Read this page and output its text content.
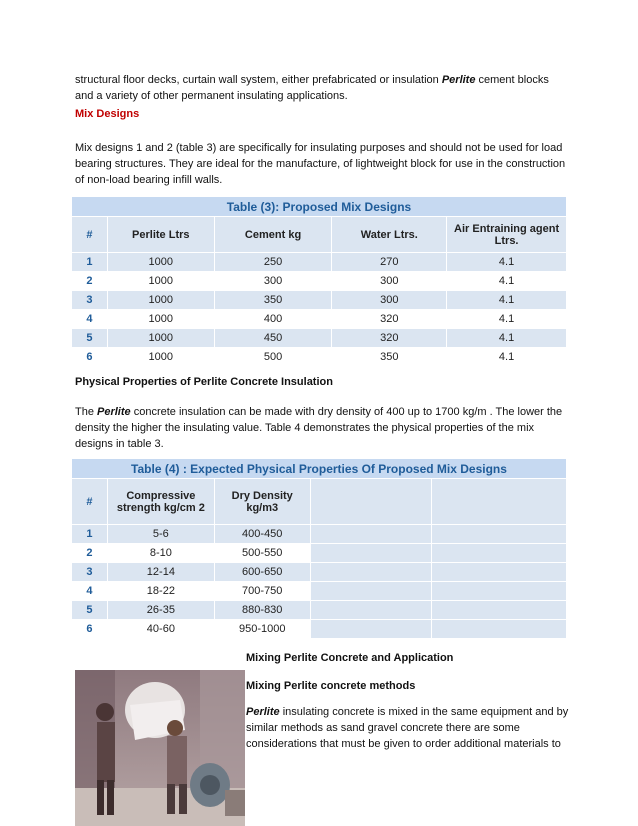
structural floor decks, curtain wall system, either prefabricated or insulation Perlite cement blocks and a variety of other permanent insulating applications.

Mix Designs

Mix designs 1 and 2 (table 3) are specifically for insulating purposes and should not be used for load bearing structures. They are ideal for the manufacture, of lightweight block for use in the construction of non-load bearing infill walls.

Table (3): Proposed Mix Designs				
#	Perlite Ltrs	Cement kg	Water Ltrs.	Air Entraining agent Ltrs.
1	1000	250	270	4.1
2	1000	300	300	4.1
3	1000	350	300	4.1
4	1000	400	320	4.1
5	1000	450	320	4.1
6	1000	500	350	4.1
Physical Properties of Perlite Concrete Insulation

The Perlite concrete insulation can be made with dry density of 400 up to 1700 kg/m . The lower the density the higher the insulating value. Table 4 demonstrates the physical properties of the mix designs in table 3.

Table (4) : Expected Physical Properties Of Proposed Mix Designs				
#	Compressive strength kg/cm 2	Dry Density kg/m3		
1	5-6	400-450		
2	8-10	500-550		
3	12-14	600-650		
4	18-22	700-750		
5	26-35	880-830		
6	40-60	950-1000		
Mixing Perlite Concrete and Application
Mixing Perlite concrete methods

Perlite insulating concrete is mixed in the same equipment and by similar methods as sand gravel concrete there are some considerations that must be given to order additional materials to
